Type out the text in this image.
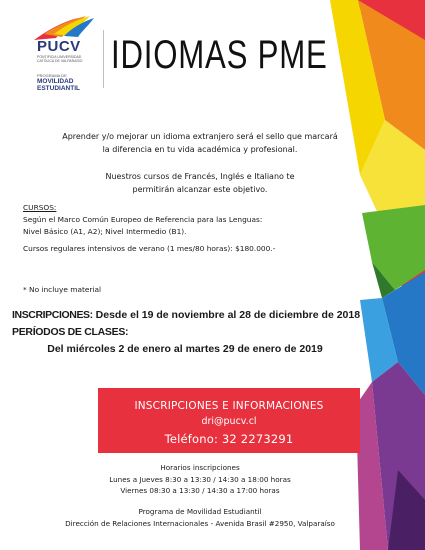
PUCV
PONTIFICIA UNIVERSIDAD CATÓLICA DE VALPARAÍSO
PROGRAMA DE
MOVILIDAD
ESTUDIANTIL
IDIOMAS PME
Aprender y/o mejorar un idioma extranjero será el sello que marcará
la diferencia en tu vida académica y profesional.
Nuestros cursos de Francés, Inglés e Italiano te
permitirán alcanzar este objetivo.
CURSOS:
Según el Marco Común Europeo de Referencia para las Lenguas:
Nivel Básico (A1, A2); Nivel Intermedio (B1).
Cursos regulares intensivos de verano (1 mes/80 horas): $180.000.-
* No incluye material
INSCRIPCIONES: Desde el 19 de noviembre al 28 de diciembre de 2018
PERÍODOS DE CLASES:
Del miércoles 2 de enero al martes 29 de enero de 2019
INSCRIPCIONES E INFORMACIONES
dri@pucv.cl
Teléfono: 32 2273291
Horarios inscripciones
Lunes a Jueves 8:30 a 13:30 / 14:30 a 18:00 horas
Viernes 08:30 a 13:30 / 14:30 a 17:00 horas
Programa de Movilidad Estudiantil
Dirección de Relaciones Internacionales - Avenida Brasil #2950, Valparaíso
